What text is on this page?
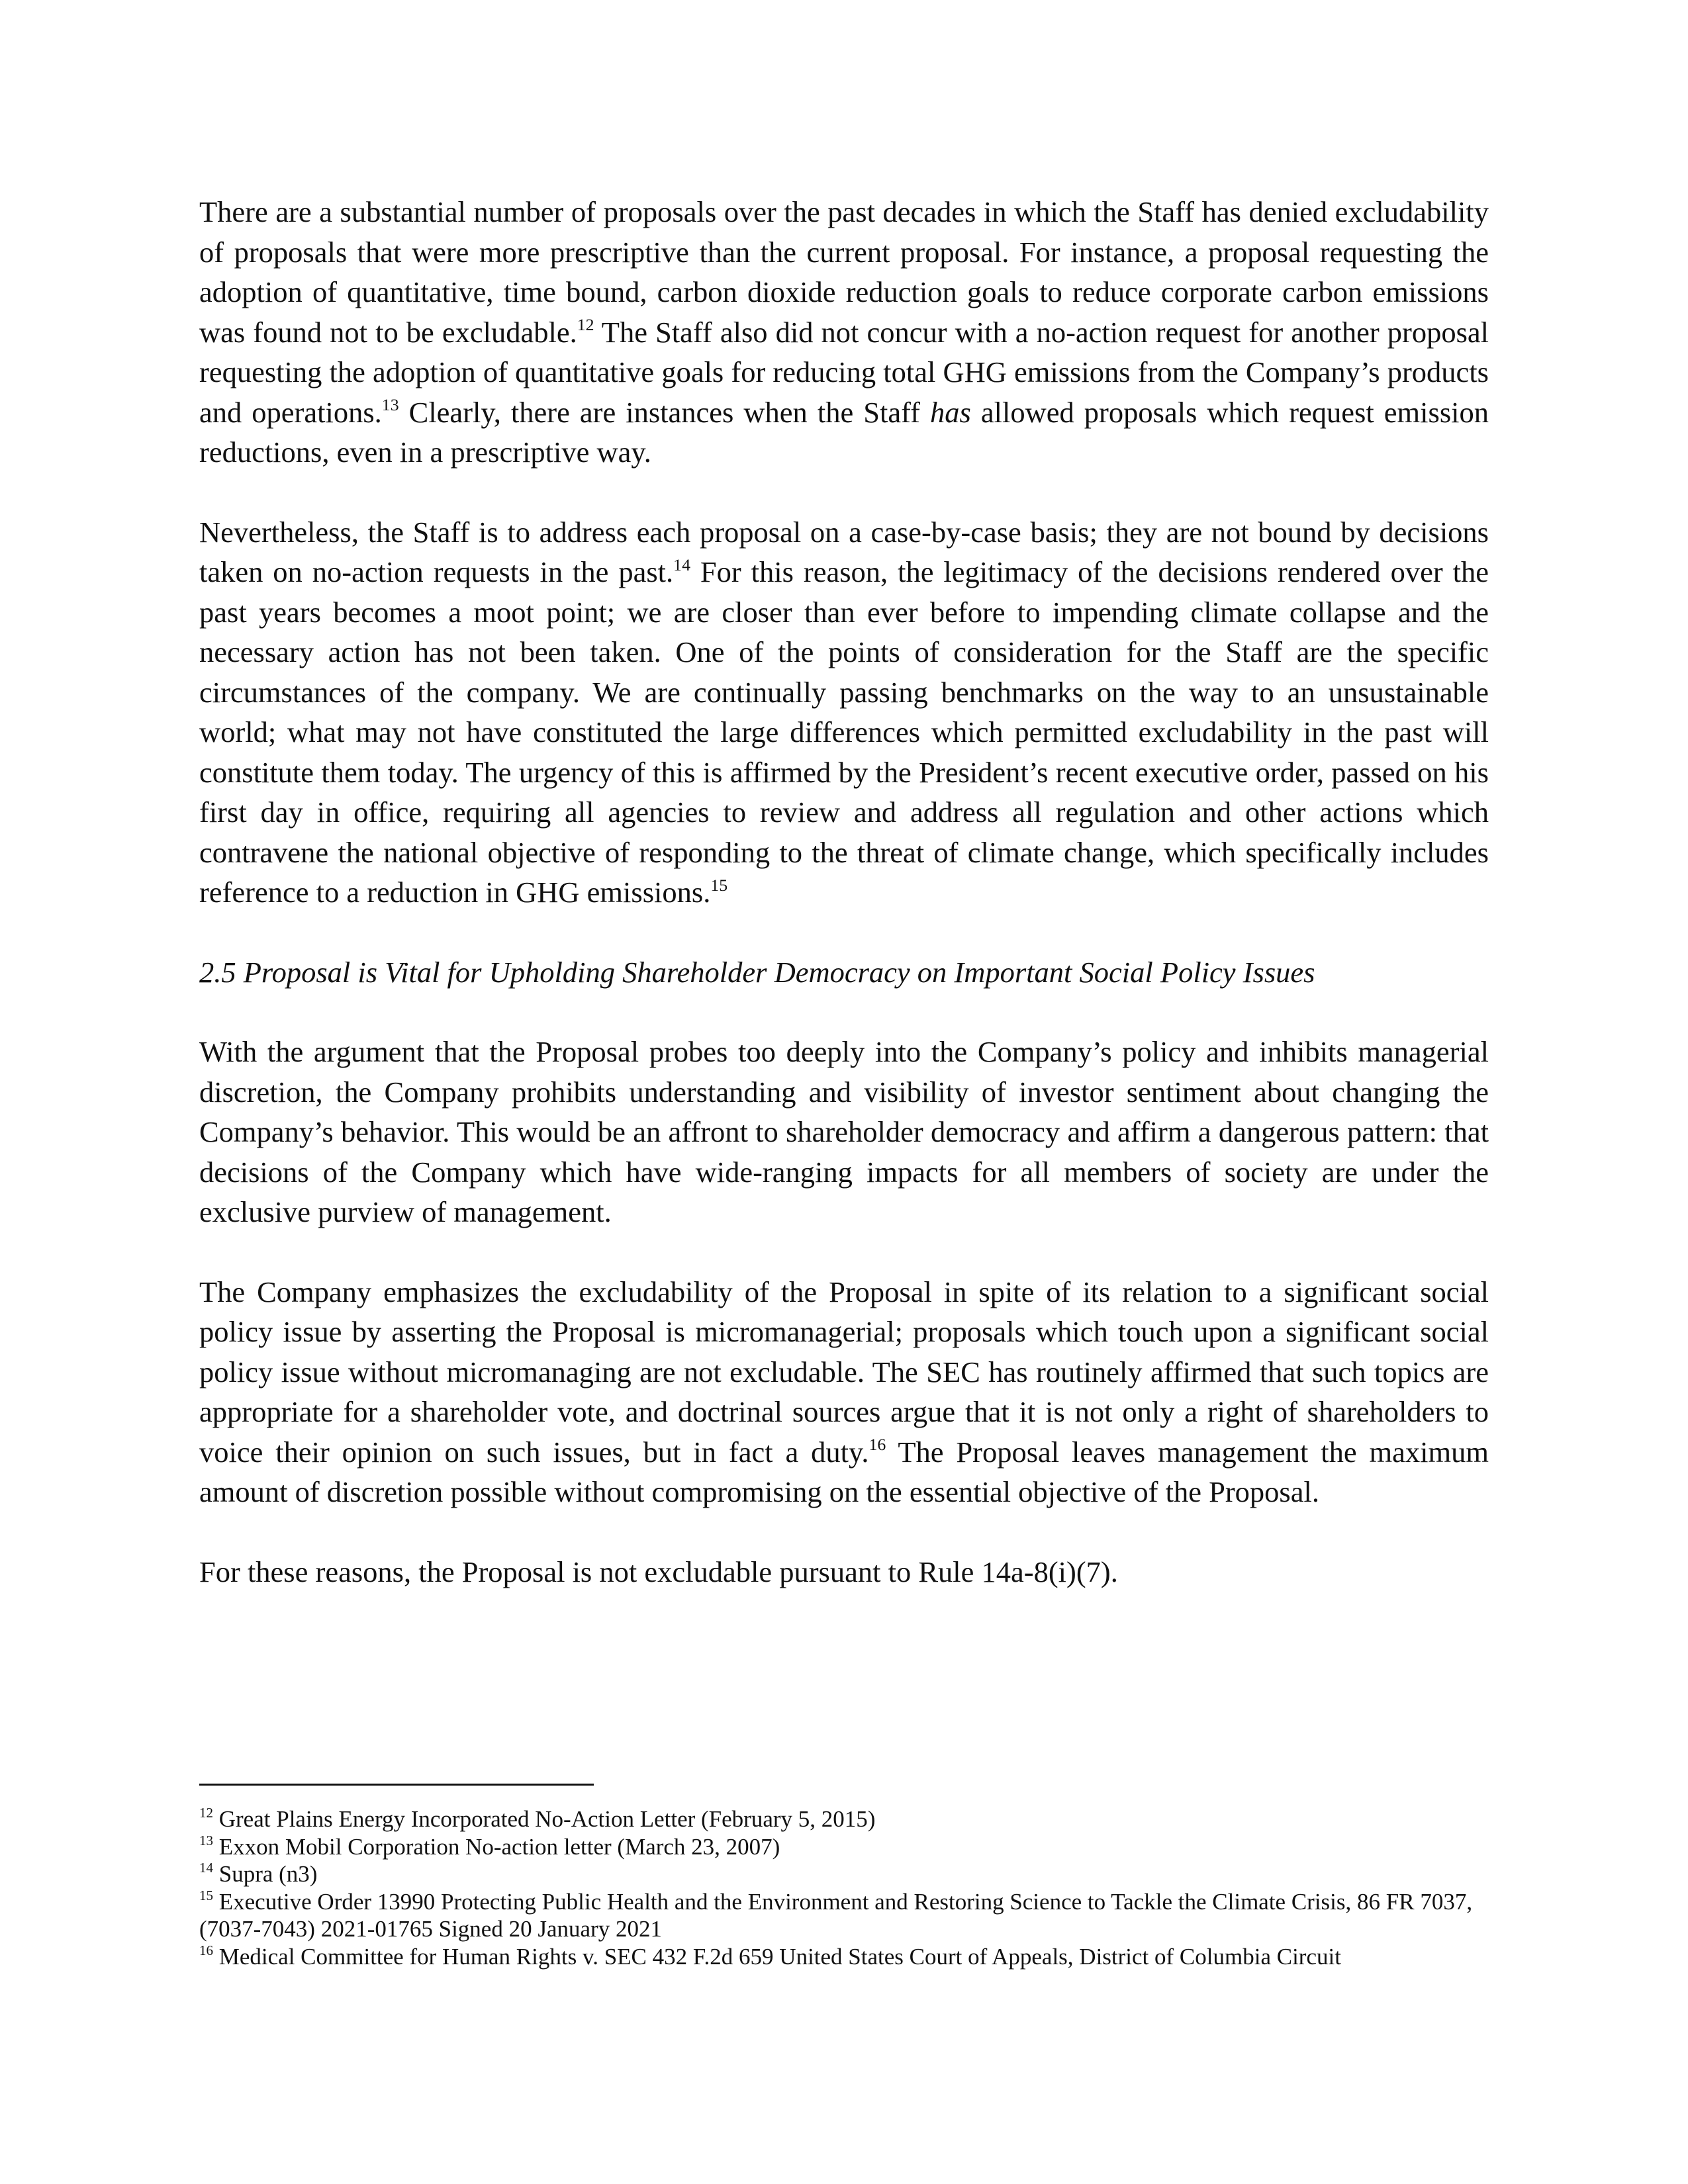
There are a substantial number of proposals over the past decades in which the Staff has denied excludability of proposals that were more prescriptive than the current proposal. For instance, a proposal requesting the adoption of quantitative, time bound, carbon dioxide reduction goals to reduce corporate carbon emissions was found not to be excludable.$^{12}$ The Staff also did not concur with a no-action request for another proposal requesting the adoption of quantitative goals for reducing total GHG emissions from the Company’s products and operations.$^{13}$ Clearly, there are instances when the Staff has allowed proposals which request emission reductions, even in a prescriptive way.

Nevertheless, the Staff is to address each proposal on a case-by-case basis; they are not bound by decisions taken on no-action requests in the past.$^{14}$ For this reason, the legitimacy of the decisions rendered over the past years becomes a moot point; we are closer than ever before to impending climate collapse and the necessary action has not been taken. One of the points of consideration for the Staff are the specific circumstances of the company. We are continually passing benchmarks on the way to an unsustainable world; what may not have constituted the large differences which permitted excludability in the past will constitute them today. The urgency of this is affirmed by the President’s recent executive order, passed on his first day in office, requiring all agencies to review and address all regulation and other actions which contravene the national objective of responding to the threat of climate change, which specifically includes reference to a reduction in GHG emissions.$^{15}$

2.5 Proposal is Vital for Upholding Shareholder Democracy on Important Social Policy Issues

With the argument that the Proposal probes too deeply into the Company’s policy and inhibits managerial discretion, the Company prohibits understanding and visibility of investor sentiment about changing the Company’s behavior. This would be an affront to shareholder democracy and affirm a dangerous pattern: that decisions of the Company which have wide-ranging impacts for all members of society are under the exclusive purview of management.

The Company emphasizes the excludability of the Proposal in spite of its relation to a significant social policy issue by asserting the Proposal is micromanagerial; proposals which touch upon a significant social policy issue without micromanaging are not excludable. The SEC has routinely affirmed that such topics are appropriate for a shareholder vote, and doctrinal sources argue that it is not only a right of shareholders to voice their opinion on such issues, but in fact a duty.$^{16}$ The Proposal leaves management the maximum amount of discretion possible without compromising on the essential objective of the Proposal.

For these reasons, the Proposal is not excludable pursuant to Rule 14a-8(i)(7).

$^{12}$ Great Plains Energy Incorporated No-Action Letter (February 5, 2015)

$^{13}$ Exxon Mobil Corporation No-action letter (March 23, 2007)

$^{14}$ Supra (n3)

$^{15}$ Executive Order 13990 Protecting Public Health and the Environment and Restoring Science to Tackle the Climate Crisis, 86 FR 7037, (7037-7043) 2021-01765 Signed 20 January 2021

$^{16}$ Medical Committee for Human Rights v. SEC 432 F.2d 659 United States Court of Appeals, District of Columbia Circuit
